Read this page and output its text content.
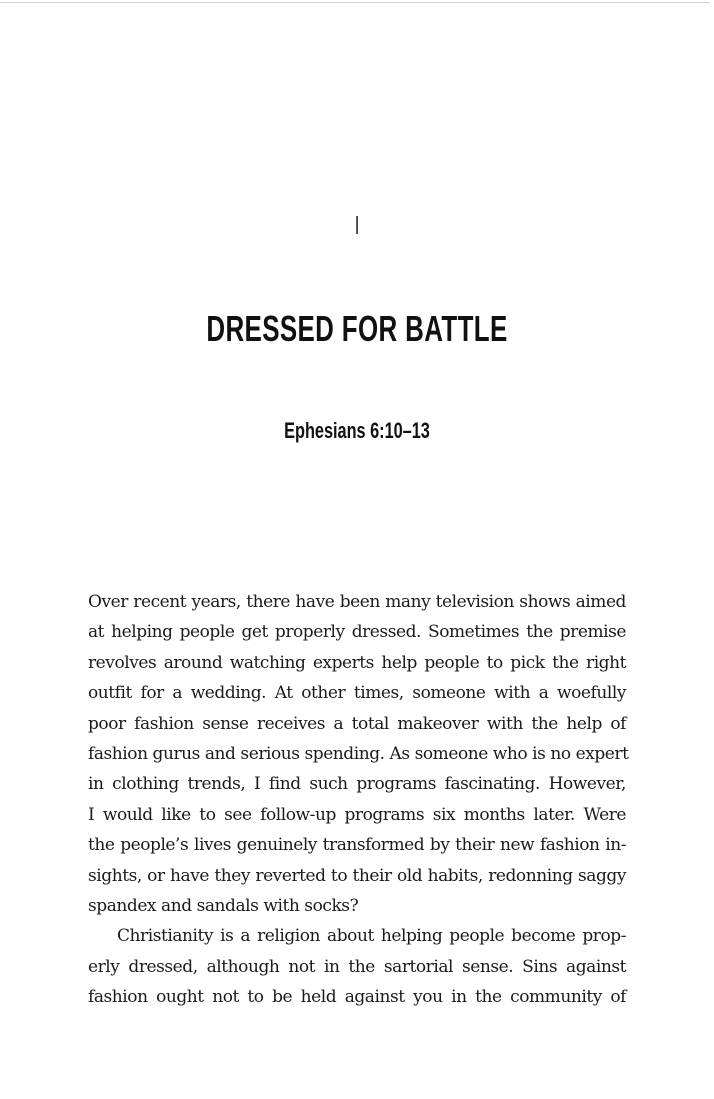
I
DRESSED FOR BATTLE
Ephesians 6:10–13
Over recent years, there have been many television shows aimed
at helping people get properly dressed. Sometimes the premise
revolves around watching experts help people to pick the right
outfit for a wedding. At other times, someone with a woefully
poor fashion sense receives a total makeover with the help of
fashion gurus and serious spending. As someone who is no expert
in clothing trends, I find such programs fascinating. However,
I would like to see follow-up programs six months later. Were
the people’s lives genuinely transformed by their new fashion in-
sights, or have they reverted to their old habits, redonning saggy
spandex and sandals with socks?
Christianity is a religion about helping people become prop-
erly dressed, although not in the sartorial sense. Sins against
fashion ought not to be held against you in the community of
